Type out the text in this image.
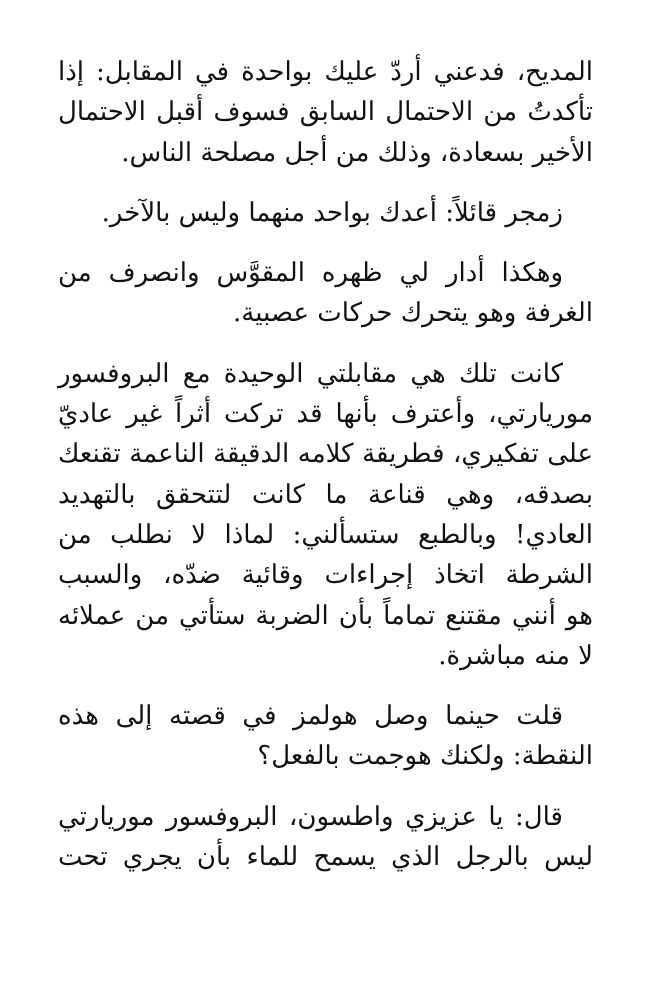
المديح، فدعني أردّ عليك بواحدة في المقابل: إذا
تأكدتُ من الاحتمال السابق فسوف أقبل الاحتمال
الأخير بسعادة، وذلك من أجل مصلحة الناس.

زمجر قائلاً: أعدك بواحد منهما وليس بالآخر.

وهكذا أدار لي ظهره المقوَّس وانصرف من
الغرفة وهو يتحرك حركات عصبية.

كانت تلك هي مقابلتي الوحيدة مع البروفسور
موريارتي، وأعترف بأنها قد تركت أثراً غير عاديّ
على تفكيري، فطريقة كلامه الدقيقة الناعمة تقنعك
بصدقه، وهي قناعة ما كانت لتتحقق بالتهديد
العادي! وبالطبع ستسألني: لماذا لا نطلب من
الشرطة اتخاذ إجراءات وقائية ضدّه، والسبب
هو أنني مقتنع تماماً بأن الضربة ستأتي من عملائه
لا منه مباشرة.

قلت حينما وصل هولمز في قصته إلى هذه
النقطة: ولكنك هوجمت بالفعل؟

قال: يا عزيزي واطسون، البروفسور موريارتي
ليس بالرجل الذي يسمح للماء بأن يجري تحت
